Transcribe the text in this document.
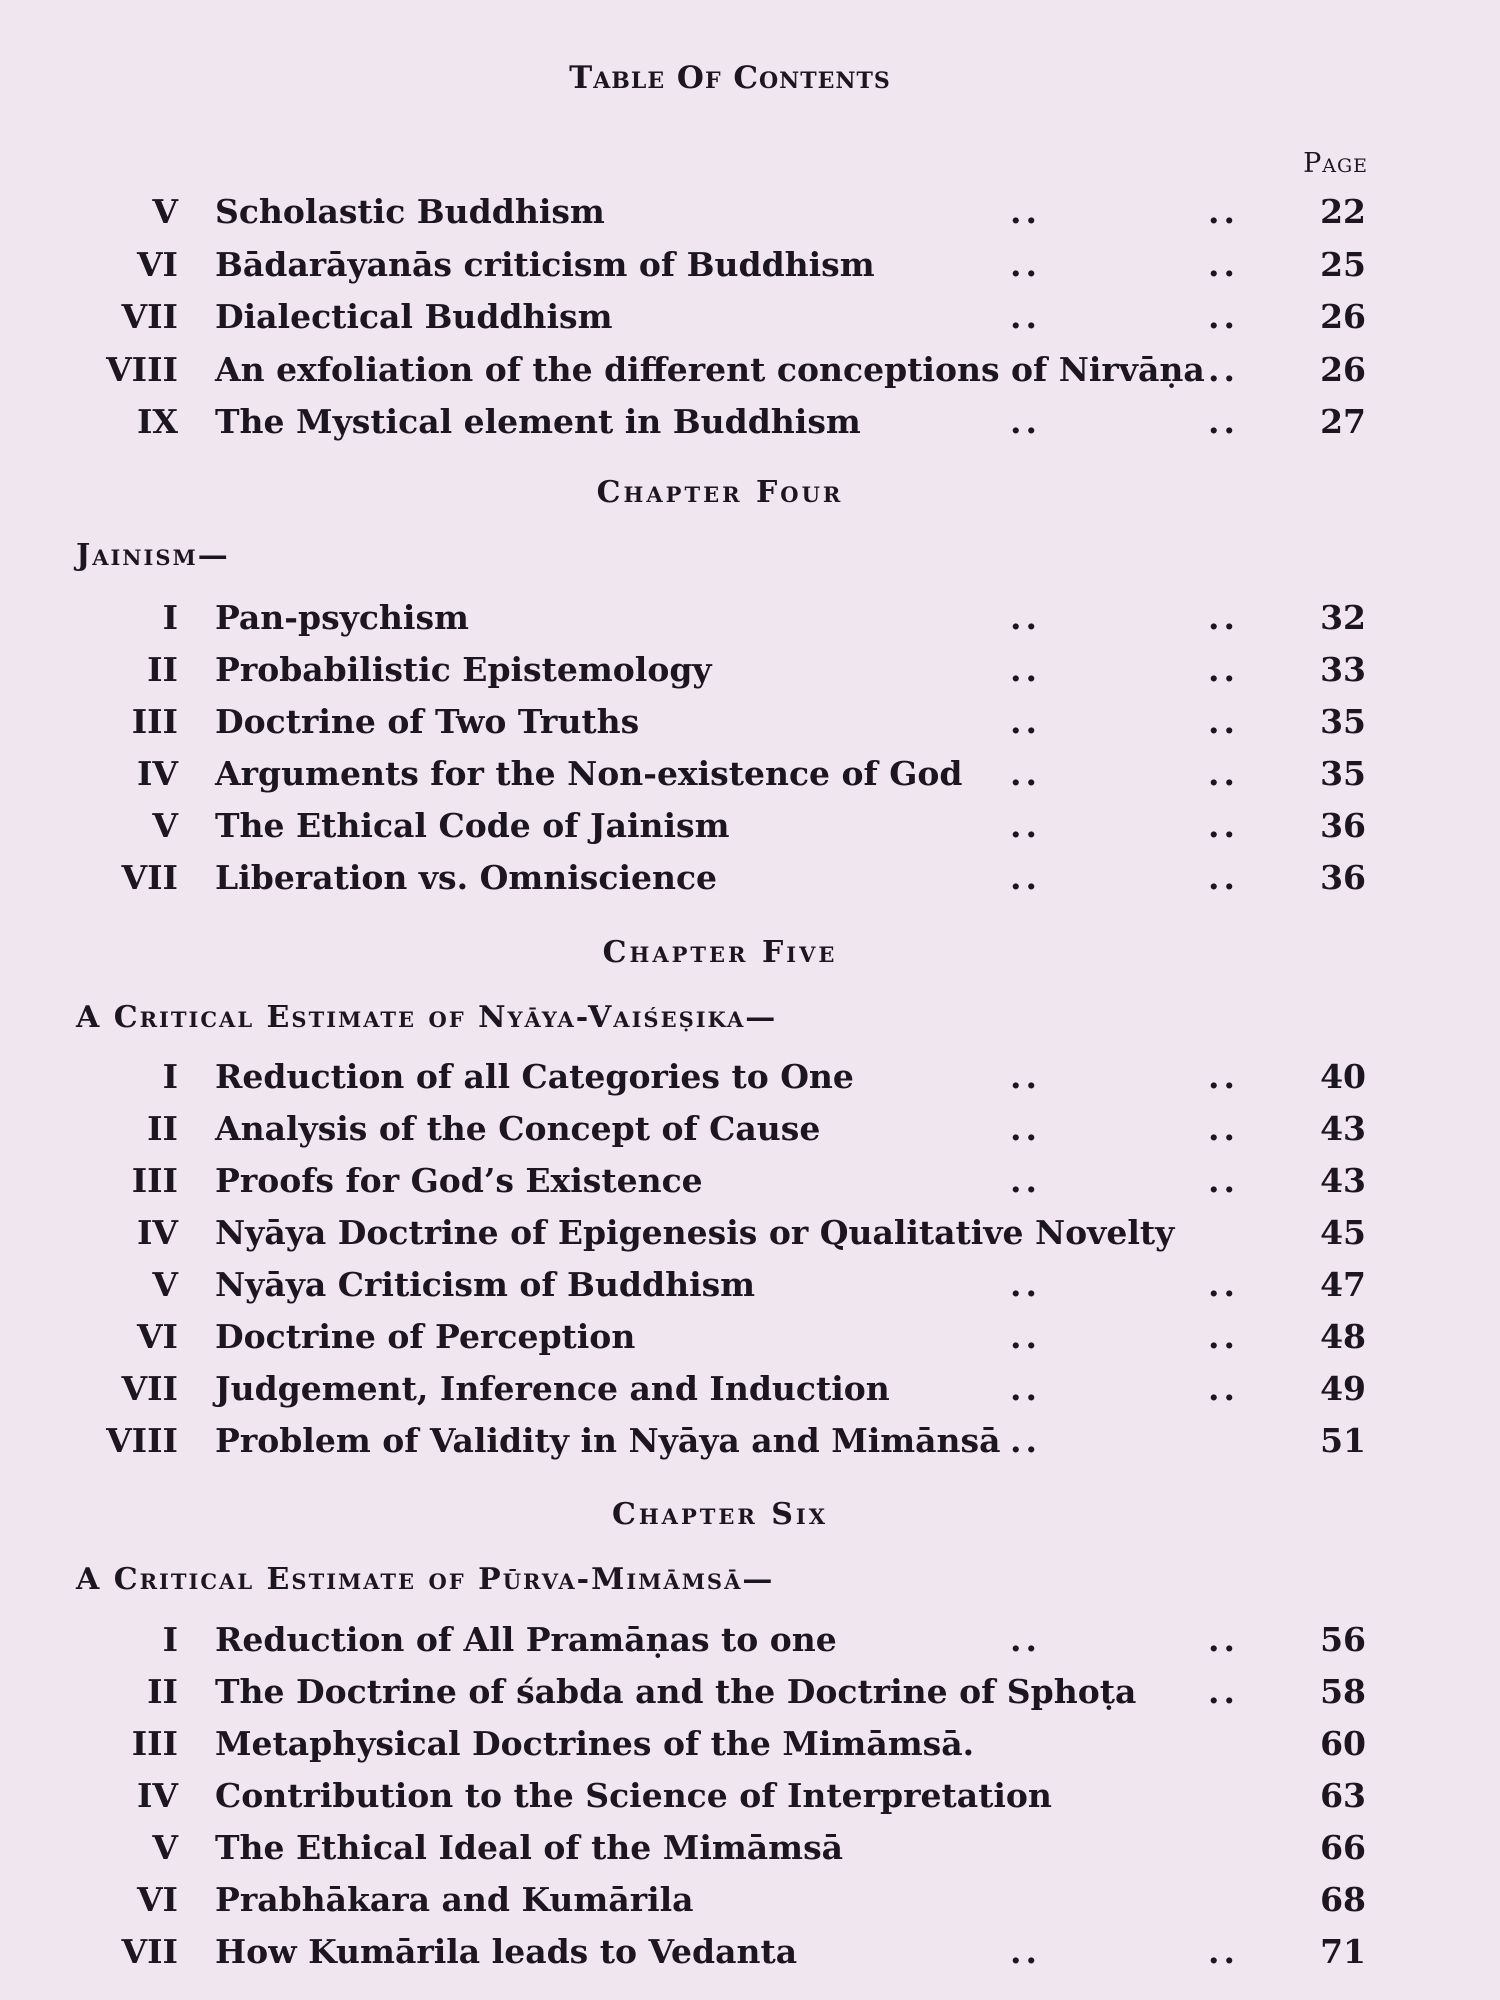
Table Of Contents
Page
V Scholastic Buddhism	..	.. 22
VI Bādarāyanās criticism of Buddhism	..	.. 25
VII Dialectical Buddhism	..	.. 26
VIII An exfoliation of the different conceptions of Nirvāṇa .. 26
IX The Mystical element in Buddhism	..	.. 27
Chapter Four
Jainism—
I Pan-psychism	..	.. 32
II Probabilistic Epistemology	..	.. 33
III Doctrine of Two Truths	..	.. 35
IV Arguments for the Non-existence of God ..	.. 35
V The Ethical Code of Jainism	..	.. 36
VII Liberation vs. Omniscience	..	.. 36
Chapter Five
A Critical Estimate of Nyāya-Vaiśeṣika—
I Reduction of all Categories to One	..	.. 40
II Analysis of the Concept of Cause	..	.. 43
III Proofs for God’s Existence	..	.. 43
IV Nyāya Doctrine of Epigenesis or Qualitative Novelty	45
V Nyāya Criticism of Buddhism	..	.. 47
VI Doctrine of Perception	..	.. 48
VII Judgement, Inference and Induction	..	.. 49
VIII Problem of Validity in Nyāya and Mimānsā ..	51
Chapter Six
A Critical Estimate of Pūrva-Mimāmsā—
I Reduction of All Pramāṇas to one	..	.. 56
II The Doctrine of śabda and the Doctrine of Sphoṭa .. 58
III Metaphysical Doctrines of the Mimāmsā.	60
IV Contribution to the Science of Interpretation	63
V The Ethical Ideal of the Mimāmsā	66
VI Prabhākara and Kumārila	68
VII How Kumārila leads to Vedanta	..	.. 71
